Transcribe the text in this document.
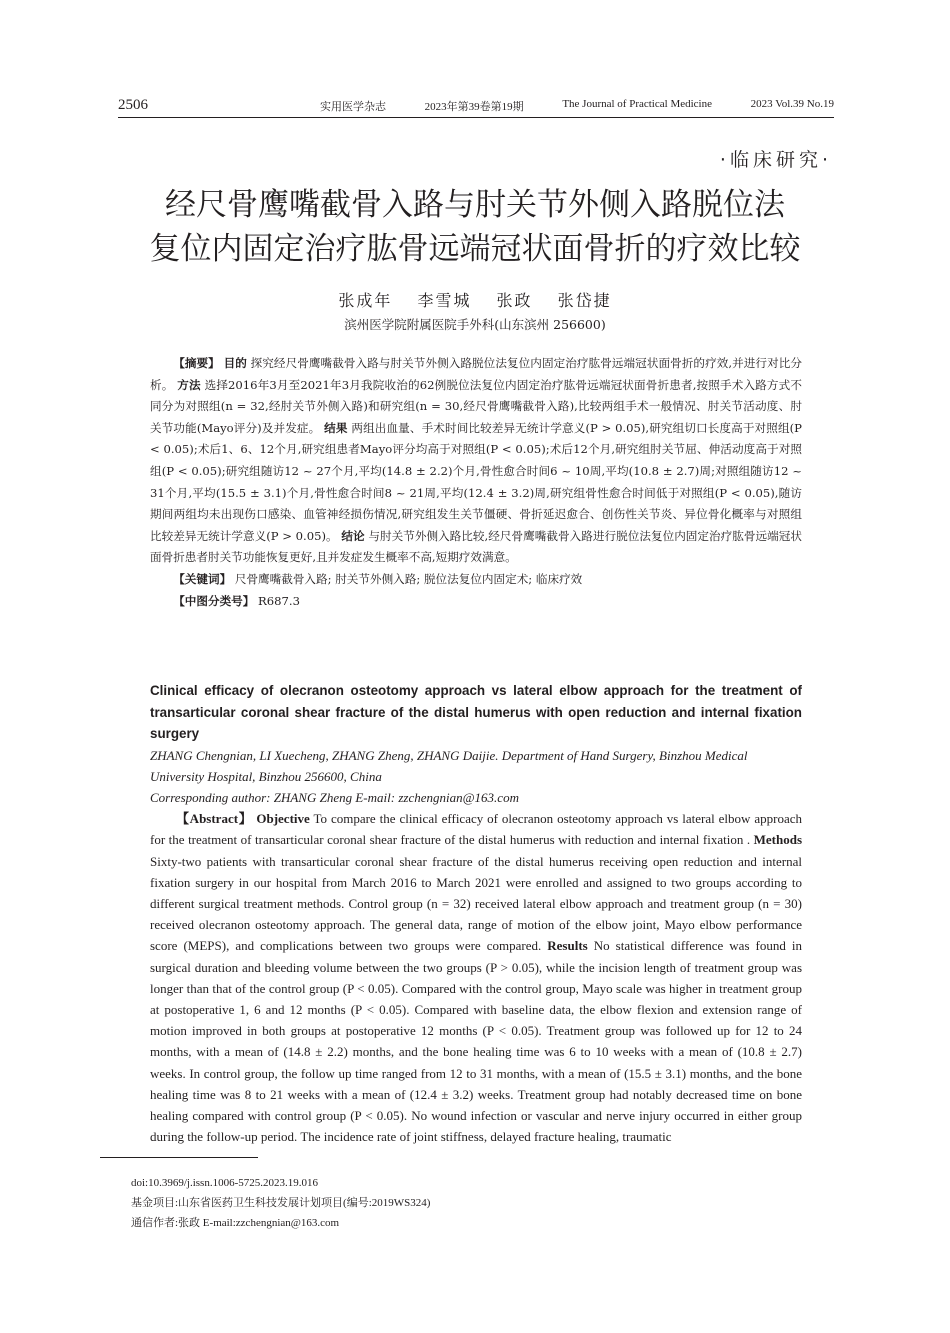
2506	实用医学杂志	2023年第39卷第19期	The Journal of Practical Medicine	2023 Vol.39 No.19
·临床研究·
经尺骨鹰嘴截骨入路与肘关节外侧入路脱位法
复位内固定治疗肱骨远端冠状面骨折的疗效比较
张成年 李雪城 张政 张岱捷
滨州医学院附属医院手外科(山东滨州 256600)
【摘要】 目的 探究经尺骨鹰嘴截骨入路与肘关节外侧入路脱位法复位内固定治疗肱骨远端冠状面骨折的疗效,并进行对比分析。 方法 选择2016年3月至2021年3月我院收治的62例脱位法复位内固定治疗肱骨远端冠状面骨折患者,按照手术入路方式不同分为对照组(n = 32,经肘关节外侧入路)和研究组(n = 30,经尺骨鹰嘴截骨入路),比较两组手术一般情况、肘关节活动度、肘关节功能(Mayo评分)及并发症。 结果 两组出血量、手术时间比较差异无统计学意义(P > 0.05),研究组切口长度高于对照组(P < 0.05);术后1、6、12个月,研究组患者Mayo评分均高于对照组(P < 0.05);术后12个月,研究组肘关节屈、伸活动度高于对照组(P < 0.05);研究组随访12 ~ 27个月,平均(14.8 ± 2.2)个月,骨性愈合时间6 ~ 10周,平均(10.8 ± 2.7)周;对照组随访12 ~ 31个月,平均(15.5 ± 3.1)个月,骨性愈合时间8 ~ 21周,平均(12.4 ± 3.2)周,研究组骨性愈合时间低于对照组(P < 0.05),随访期间两组均未出现伤口感染、血管神经损伤情况,研究组发生关节僵硬、骨折延迟愈合、创伤性关节炎、异位骨化概率与对照组比较差异无统计学意义(P > 0.05)。 结论 与肘关节外侧入路比较,经尺骨鹰嘴截骨入路进行脱位法复位内固定治疗肱骨远端冠状面骨折患者肘关节功能恢复更好,且并发症发生概率不高,短期疗效满意。
【关键词】 尺骨鹰嘴截骨入路; 肘关节外侧入路; 脱位法复位内固定术; 临床疗效
【中图分类号】 R687.3
Clinical efficacy of olecranon osteotomy approach vs lateral elbow approach for the treatment of transarticular coronal shear fracture of the distal humerus with open reduction and internal fixation surgery
ZHANG Chengnian, LI Xuecheng, ZHANG Zheng, ZHANG Daijie. Department of Hand Surgery, Binzhou Medical University Hospital, Binzhou 256600, China
Corresponding author: ZHANG Zheng E-mail: zzchengnian@163.com
【Abstract】 Objective To compare the clinical efficacy of olecranon osteotomy approach vs lateral elbow approach for the treatment of transarticular coronal shear fracture of the distal humerus with reduction and internal fixation . Methods Sixty-two patients with transarticular coronal shear fracture of the distal humerus receiving open reduction and internal fixation surgery in our hospital from March 2016 to March 2021 were enrolled and assigned to two groups according to different surgical treatment methods. Control group (n = 32) received lateral elbow approach and treatment group (n = 30) received olecranon osteotomy approach. The general data, range of motion of the elbow joint, Mayo elbow performance score (MEPS), and complications between two groups were compared. Results No statistical difference was found in surgical duration and bleeding volume between the two groups (P > 0.05), while the incision length of treatment group was longer than that of the control group (P < 0.05). Compared with the control group, Mayo scale was higher in treatment group at postoperative 1, 6 and 12 months (P < 0.05). Compared with baseline data, the elbow flexion and extension range of motion improved in both groups at postoperative 12 months (P < 0.05). Treatment group was followed up for 12 to 24 months, with a mean of (14.8 ± 2.2) months, and the bone healing time was 6 to 10 weeks with a mean of (10.8 ± 2.7) weeks. In control group, the follow up time ranged from 12 to 31 months, with a mean of (15.5 ± 3.1) months, and the bone healing time was 8 to 21 weeks with a mean of (12.4 ± 3.2) weeks. Treatment group had notably decreased time on bone healing compared with control group (P < 0.05). No wound infection or vascular and nerve injury occurred in either group during the follow-up period. The incidence rate of joint stiffness, delayed fracture healing, traumatic
doi:10.3969/j.issn.1006-5725.2023.19.016
基金项目:山东省医药卫生科技发展计划项目(编号:2019WS324)
通信作者:张政 E-mail:zzchengnian@163.com
